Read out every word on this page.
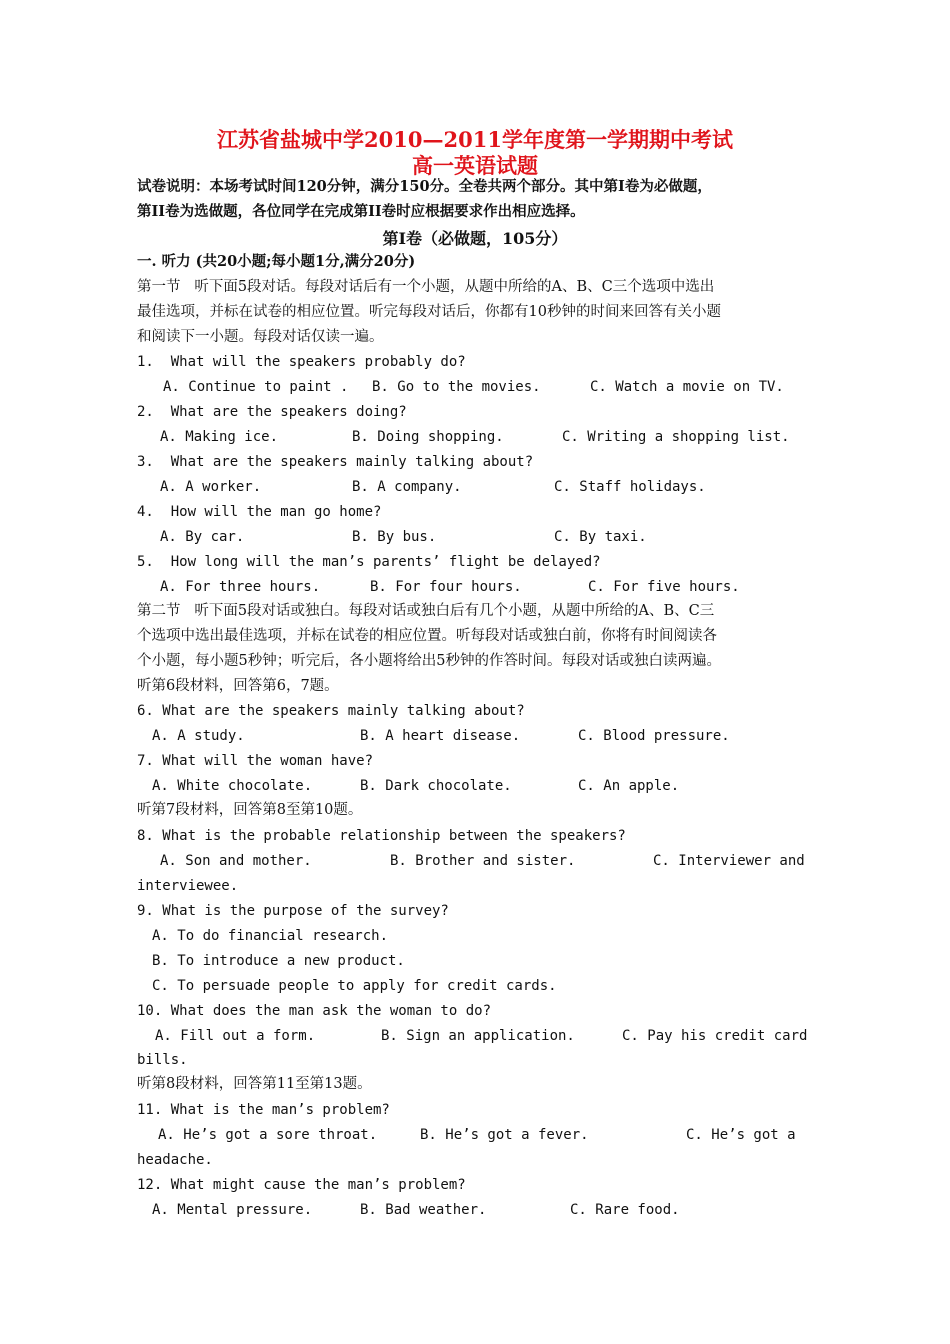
江苏省盐城中学2010—2011学年度第一学期期中考试
高一英语试题
试卷说明：本场考试时间120分钟，满分150分。全卷共两个部分。其中第I卷为必做题，
第II卷为选做题，各位同学在完成第II卷时应根据要求作出相应选择。
第I卷（必做题，105分）
一. 听力 (共20小题;每小题1分,满分20分)
第一节   听下面5段对话。每段对话后有一个小题，从题中所给的A、B、C三个选项中选出
最佳选项，并标在试卷的相应位置。听完每段对话后，你都有10秒钟的时间来回答有关小题
和阅读下一小题。每段对话仅读一遍。
1.  What will the speakers probably do?
A. Continue to paint . B. Go to the movies.	C. Watch a movie on TV.
2.  What are the speakers doing?
A. Making ice.	B. Doing shopping.	C. Writing a shopping list.
3.  What are the speakers mainly talking about?
A. A worker.	B. A company.	C. Staff holidays.
4.  How will the man go home?
A. By car.	B. By bus.	C. By taxi.
5.  How long will the man’s parents’ flight be delayed?
A. For three hours.	B. For four hours.	C. For five hours.
第二节   听下面5段对话或独白。每段对话或独白后有几个小题，从题中所给的A、B、C三
个选项中选出最佳选项，并标在试卷的相应位置。听每段对话或独白前，你将有时间阅读各
个小题，每小题5秒钟；听完后，各小题将给出5秒钟的作答时间。每段对话或独白读两遍。
听第6段材料，回答第6，7题。
6. What are the speakers mainly talking about?
A. A study.	B. A heart disease.	C. Blood pressure.
7. What will the woman have?
A. White chocolate.	B. Dark chocolate.	C. An apple.
听第7段材料，回答第8至第10题。
8. What is the probable relationship between the speakers?
A. Son and mother.	B. Brother and sister.	C. Interviewer and
interviewee.
9. What is the purpose of the survey?
A. To do financial research.
B. To introduce a new product.
C. To persuade people to apply for credit cards.
10. What does the man ask the woman to do?
A. Fill out a form.	B. Sign an application.	C. Pay his credit card
bills.
听第8段材料，回答第11至第13题。
11. What is the man’s problem?
A. He’s got a sore throat.	B. He’s got a fever.	C. He’s got a
headache.
12. What might cause the man’s problem?
A. Mental pressure.	B. Bad weather.	C. Rare food.
